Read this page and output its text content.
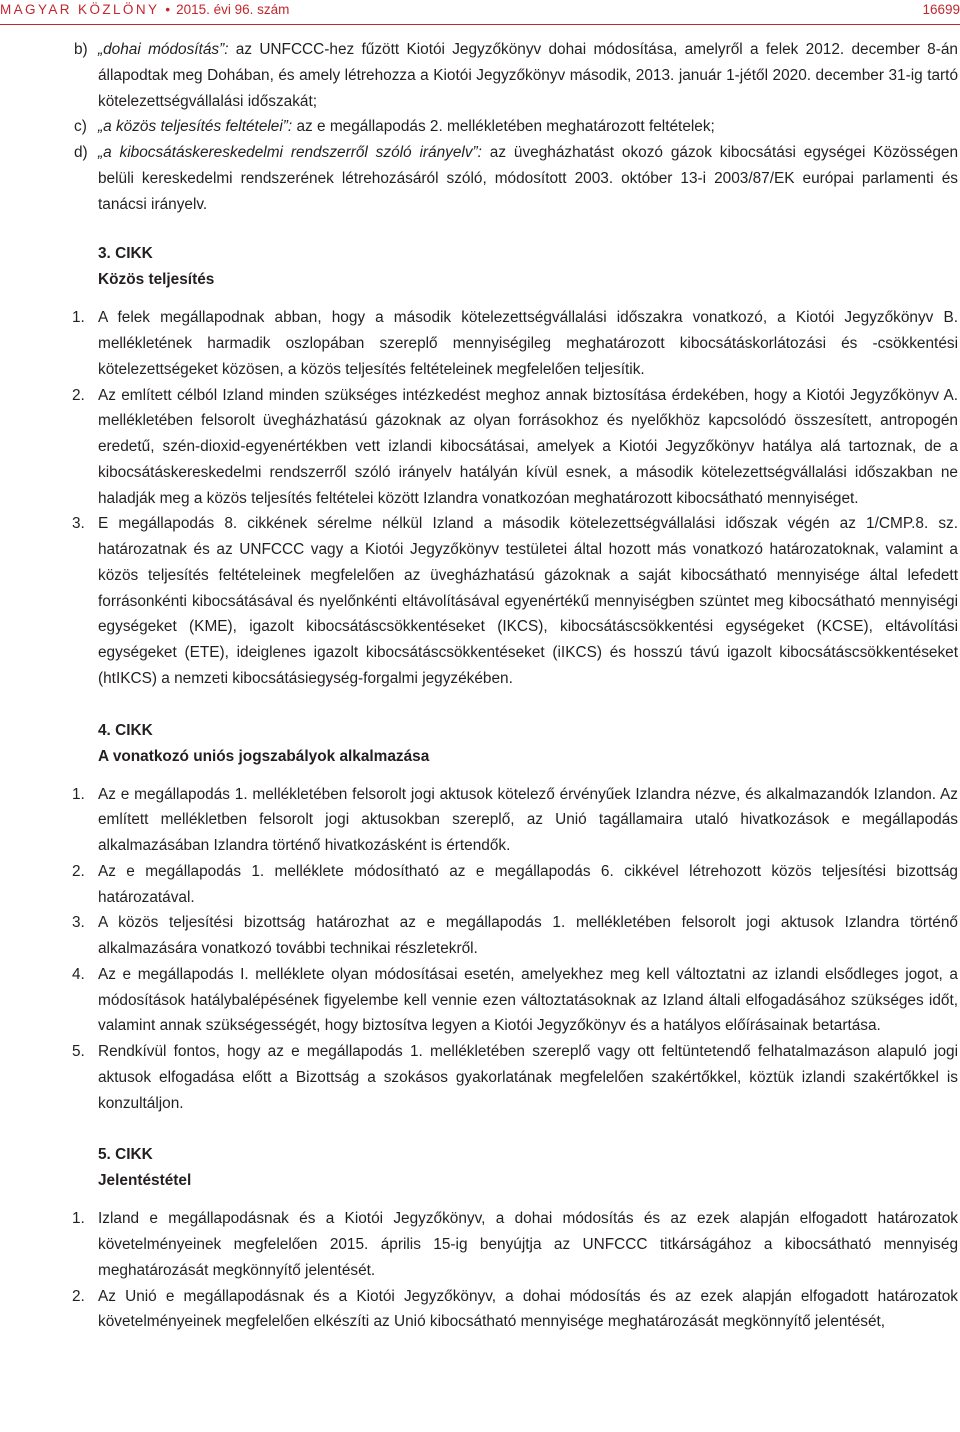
MAGYAR KÖZLÖNY • 2015. évi 96. szám	16699
b) „dohai módosítás”: az UNFCCC-hez fűzött Kiotói Jegyzőkönyv dohai módosítása, amelyről a felek 2012. december 8-án állapodtak meg Dohában, és amely létrehozza a Kiotói Jegyzőkönyv második, 2013. január 1-jétől 2020. december 31-ig tartó kötelezettségvállalási időszakát;
c) „a közös teljesítés feltételei”: az e megállapodás 2. mellékletében meghatározott feltételek;
d) „a kibocsátáskereskedelmi rendszerről szóló irányelv”: az üvegházhatást okozó gázok kibocsátási egységei Közösségen belüli kereskedelmi rendszerének létrehozásáról szóló, módosított 2003. október 13-i 2003/87/EK európai parlamenti és tanácsi irányelv.
3. CIKK
Közös teljesítés
1. A felek megállapodnak abban, hogy a második kötelezettségvállalási időszakra vonatkozó, a Kiotói Jegyzőkönyv B. mellékletének harmadik oszlopában szereplő mennyiségileg meghatározott kibocsátáskorlátozási és -csökkentési kötelezettségeket közösen, a közös teljesítés feltételeinek megfelelően teljesítik.
2. Az említett célból Izland minden szükséges intézkedést meghoz annak biztosítása érdekében, hogy a Kiotói Jegyzőkönyv A. mellékletében felsorolt üvegházhatású gázoknak az olyan forrásokhoz és nyelőkhöz kapcsolódó összesített, antropogén eredetű, szén-dioxid-egyenértékben vett izlandi kibocsátásai, amelyek a Kiotói Jegyzőkönyv hatálya alá tartoznak, de a kibocsátáskereskedelmi rendszerről szóló irányelv hatályán kívül esnek, a második kötelezettségvállalási időszakban ne haladják meg a közös teljesítés feltételei között Izlandra vonatkozóan meghatározott kibocsátható mennyiséget.
3. E megállapodás 8. cikkének sérelme nélkül Izland a második kötelezettségvállalási időszak végén az 1/CMP.8. sz. határozatnak és az UNFCCC vagy a Kiotói Jegyzőkönyv testületei által hozott más vonatkozó határozatoknak, valamint a közös teljesítés feltételeinek megfelelően az üvegházhatású gázoknak a saját kibocsátható mennyisége által lefedett forrásonkénti kibocsátásával és nyelőnkénti eltávolításával egyenértékű mennyiségben szüntet meg kibocsátható mennyiségi egységeket (KME), igazolt kibocsátáscsökkentéseket (IKCS), kibocsátáscsökkentési egységeket (KCSE), eltávolítási egységeket (ETE), ideiglenes igazolt kibocsátáscsökkentéseket (iIKCS) és hosszú távú igazolt kibocsátáscsökkentéseket (htIKCS) a nemzeti kibocsátásiegység-forgalmi jegyzékében.
4. CIKK
A vonatkozó uniós jogszabályok alkalmazása
1. Az e megállapodás 1. mellékletében felsorolt jogi aktusok kötelező érvényűek Izlandra nézve, és alkalmazandók Izlandon. Az említett mellékletben felsorolt jogi aktusokban szereplő, az Unió tagállamaira utaló hivatkozások e megállapodás alkalmazásában Izlandra történő hivatkozásként is értendők.
2. Az e megállapodás 1. melléklete módosítható az e megállapodás 6. cikkével létrehozott közös teljesítési bizottság határozatával.
3. A közös teljesítési bizottság határozhat az e megállapodás 1. mellékletében felsorolt jogi aktusok Izlandra történő alkalmazására vonatkozó további technikai részletekről.
4. Az e megállapodás I. melléklete olyan módosításai esetén, amelyekhez meg kell változtatni az izlandi elsődleges jogot, a módosítások hatálybalépésének figyelembe kell vennie ezen változtatásoknak az Izland általi elfogadásához szükséges időt, valamint annak szükségességét, hogy biztosítva legyen a Kiotói Jegyzőkönyv és a hatályos előírásainak betartása.
5. Rendkívül fontos, hogy az e megállapodás 1. mellékletében szereplő vagy ott feltüntetendő felhatalmazáson alapuló jogi aktusok elfogadása előtt a Bizottság a szokásos gyakorlatának megfelelően szakértőkkel, köztük izlandi szakértőkkel is konzultáljon.
5. CIKK
Jelentéstétel
1. Izland e megállapodásnak és a Kiotói Jegyzőkönyv, a dohai módosítás és az ezek alapján elfogadott határozatok követelményeinek megfelelően 2015. április 15-ig benyújtja az UNFCCC titkárságához a kibocsátható mennyiség meghatározását megkönnyítő jelentését.
2. Az Unió e megállapodásnak és a Kiotói Jegyzőkönyv, a dohai módosítás és az ezek alapján elfogadott határozatok követelményeinek megfelelően elkészíti az Unió kibocsátható mennyisége meghatározását megkönnyítő jelentését,
